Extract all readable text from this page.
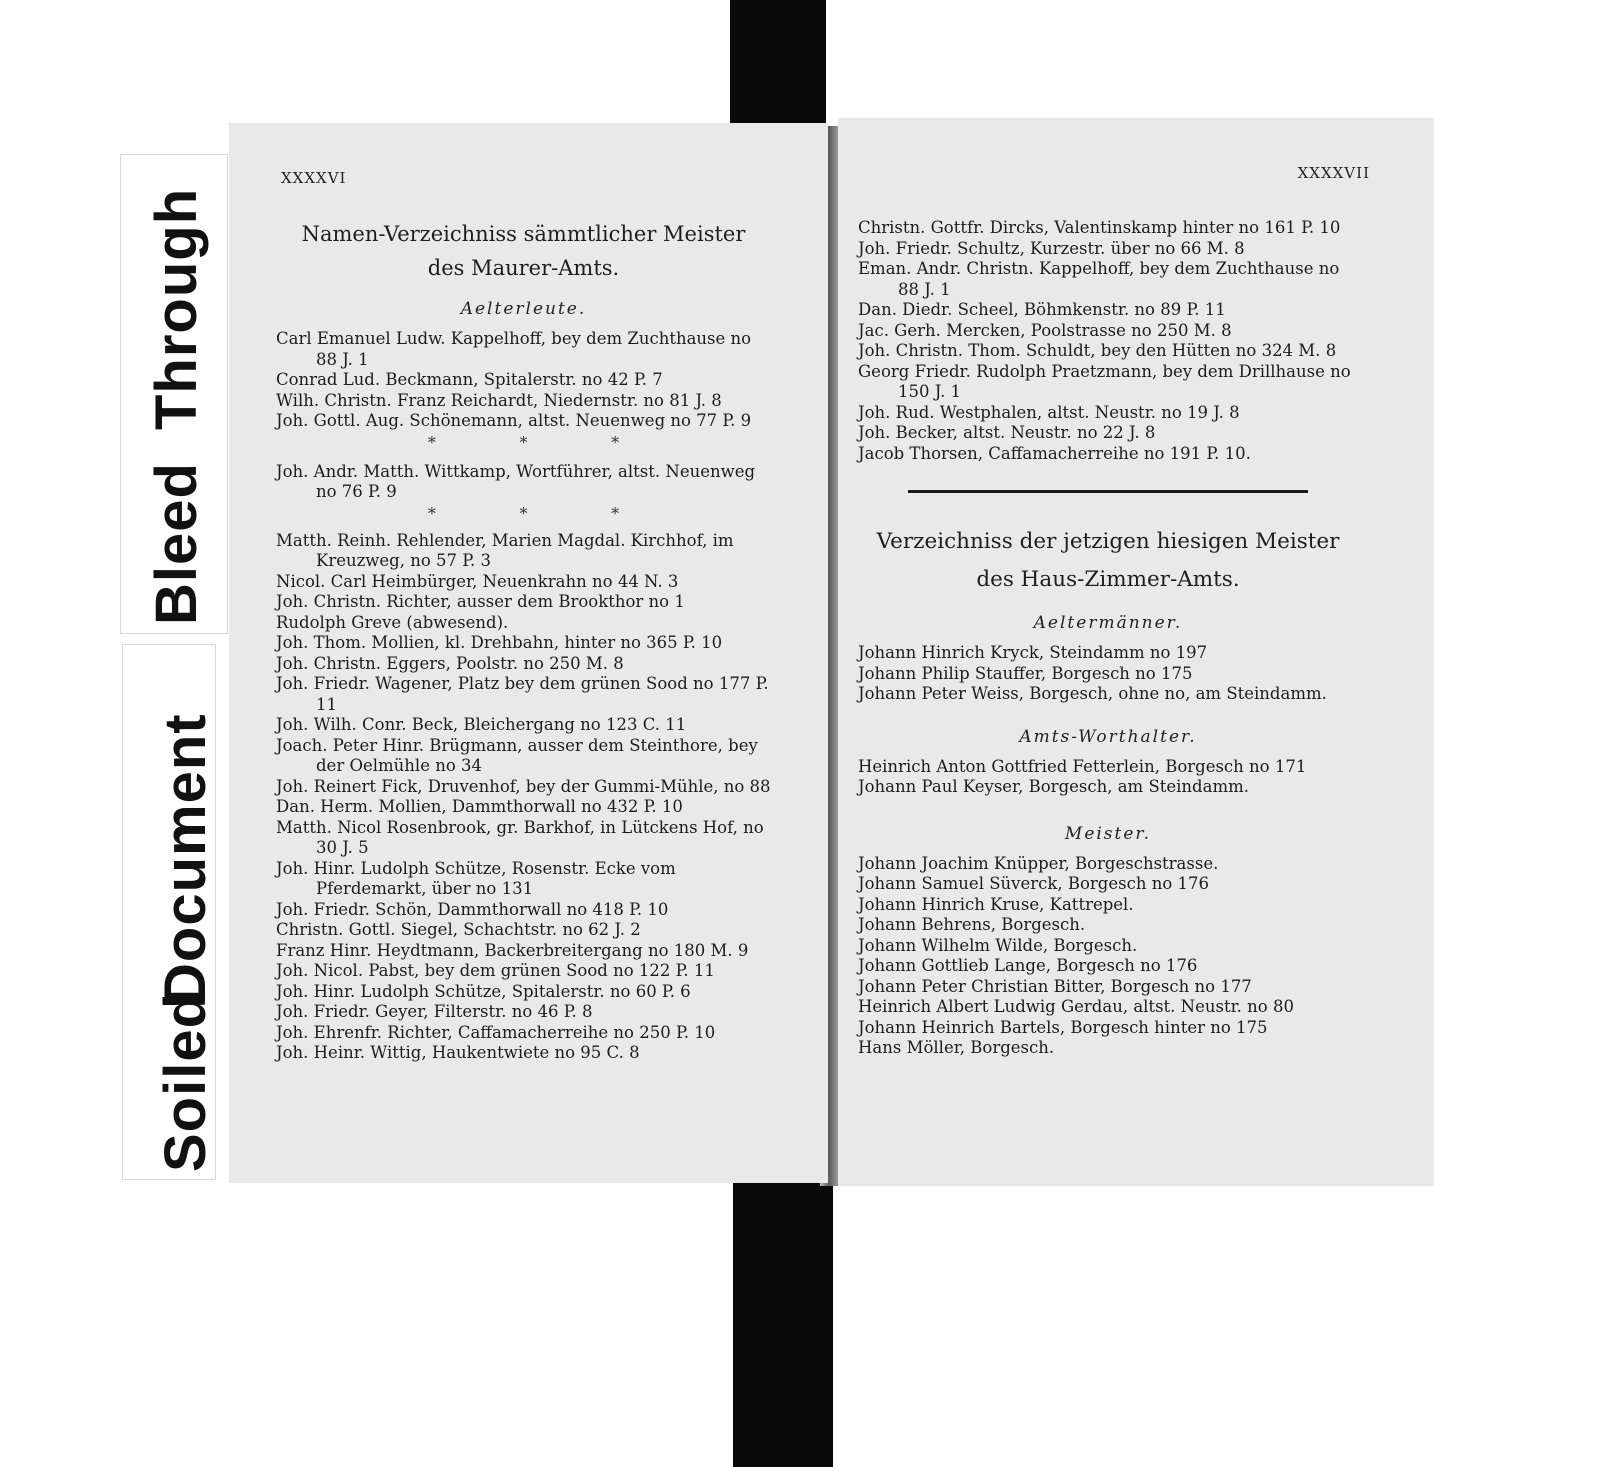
Through
Bleed
Document
Soiled
XXXXVI
Namen-Verzeichniss sämmtlicher Meister
des Maurer-Amts.
Aelterleute.

Carl Emanuel Ludw. Kappelhoff, bey dem Zuchthause no 88 J. 1

Conrad Lud. Beckmann, Spitalerstr. no 42 P. 7

Wilh. Christn. Franz Reichardt, Niedernstr. no 81 J. 8

Joh. Gottl. Aug. Schönemann, altst. Neuenweg no 77 P. 9

*	*	*

Joh. Andr. Matth. Wittkamp, Wortführer, altst. Neuenweg no 76 P. 9

*	*	*

Matth. Reinh. Rehlender, Marien Magdal. Kirchhof, im Kreuzweg, no 57 P. 3

Nicol. Carl Heimbürger, Neuenkrahn no 44 N. 3

Joh. Christn. Richter, ausser dem Brookthor no 1

Rudolph Greve (abwesend).

Joh. Thom. Mollien, kl. Drehbahn, hinter no 365 P. 10

Joh. Christn. Eggers, Poolstr. no 250 M. 8

Joh. Friedr. Wagener, Platz bey dem grünen Sood no 177 P. 11

Joh. Wilh. Conr. Beck, Bleichergang no 123 C. 11

Joach. Peter Hinr. Brügmann, ausser dem Steinthore, bey der Oelmühle no 34

Joh. Reinert Fick, Druvenhof, bey der Gummi-Mühle, no 88

Dan. Herm. Mollien, Dammthorwall no 432 P. 10

Matth. Nicol Rosenbrook, gr. Barkhof, in Lütckens Hof, no 30 J. 5

Joh. Hinr. Ludolph Schütze, Rosenstr. Ecke vom Pferdemarkt, über no 131

Joh. Friedr. Schön, Dammthorwall no 418 P. 10

Christn. Gottl. Siegel, Schachtstr. no 62 J. 2

Franz Hinr. Heydtmann, Backerbreitergang no 180 M. 9

Joh. Nicol. Pabst, bey dem grünen Sood no 122 P. 11

Joh. Hinr. Ludolph Schütze, Spitalerstr. no 60 P. 6

Joh. Friedr. Geyer, Filterstr. no 46 P. 8

Joh. Ehrenfr. Richter, Caffamacherreihe no 250 P. 10

Joh. Heinr. Wittig, Haukentwiete no 95 C. 8

XXXXVII

Christn. Gottfr. Dircks, Valentinskamp hinter no 161 P. 10

Joh. Friedr. Schultz, Kurzestr. über no 66 M. 8

Eman. Andr. Christn. Kappelhoff, bey dem Zuchthause no 88 J. 1

Dan. Diedr. Scheel, Böhmkenstr. no 89 P. 11

Jac. Gerh. Mercken, Poolstrasse no 250 M. 8

Joh. Christn. Thom. Schuldt, bey den Hütten no 324 M. 8

Georg Friedr. Rudolph Praetzmann, bey dem Drillhause no 150 J. 1

Joh. Rud. Westphalen, altst. Neustr. no 19 J. 8

Joh. Becker, altst. Neustr. no 22 J. 8

Jacob Thorsen, Caffamacherreihe no 191 P. 10.

Verzeichniss der jetzigen hiesigen Meister
des Haus-Zimmer-Amts.
Aeltermänner.

Johann Hinrich Kryck, Steindamm no 197

Johann Philip Stauffer, Borgesch no 175

Johann Peter Weiss, Borgesch, ohne no, am Steindamm.

Amts-Worthalter.

Heinrich Anton Gottfried Fetterlein, Borgesch no 171

Johann Paul Keyser, Borgesch, am Steindamm.

Meister.

Johann Joachim Knüpper, Borgeschstrasse.

Johann Samuel Süverck, Borgesch no 176

Johann Hinrich Kruse, Kattrepel.

Johann Behrens, Borgesch.

Johann Wilhelm Wilde, Borgesch.

Johann Gottlieb Lange, Borgesch no 176

Johann Peter Christian Bitter, Borgesch no 177

Heinrich Albert Ludwig Gerdau, altst. Neustr. no 80

Johann Heinrich Bartels, Borgesch hinter no 175

Hans Möller, Borgesch.
